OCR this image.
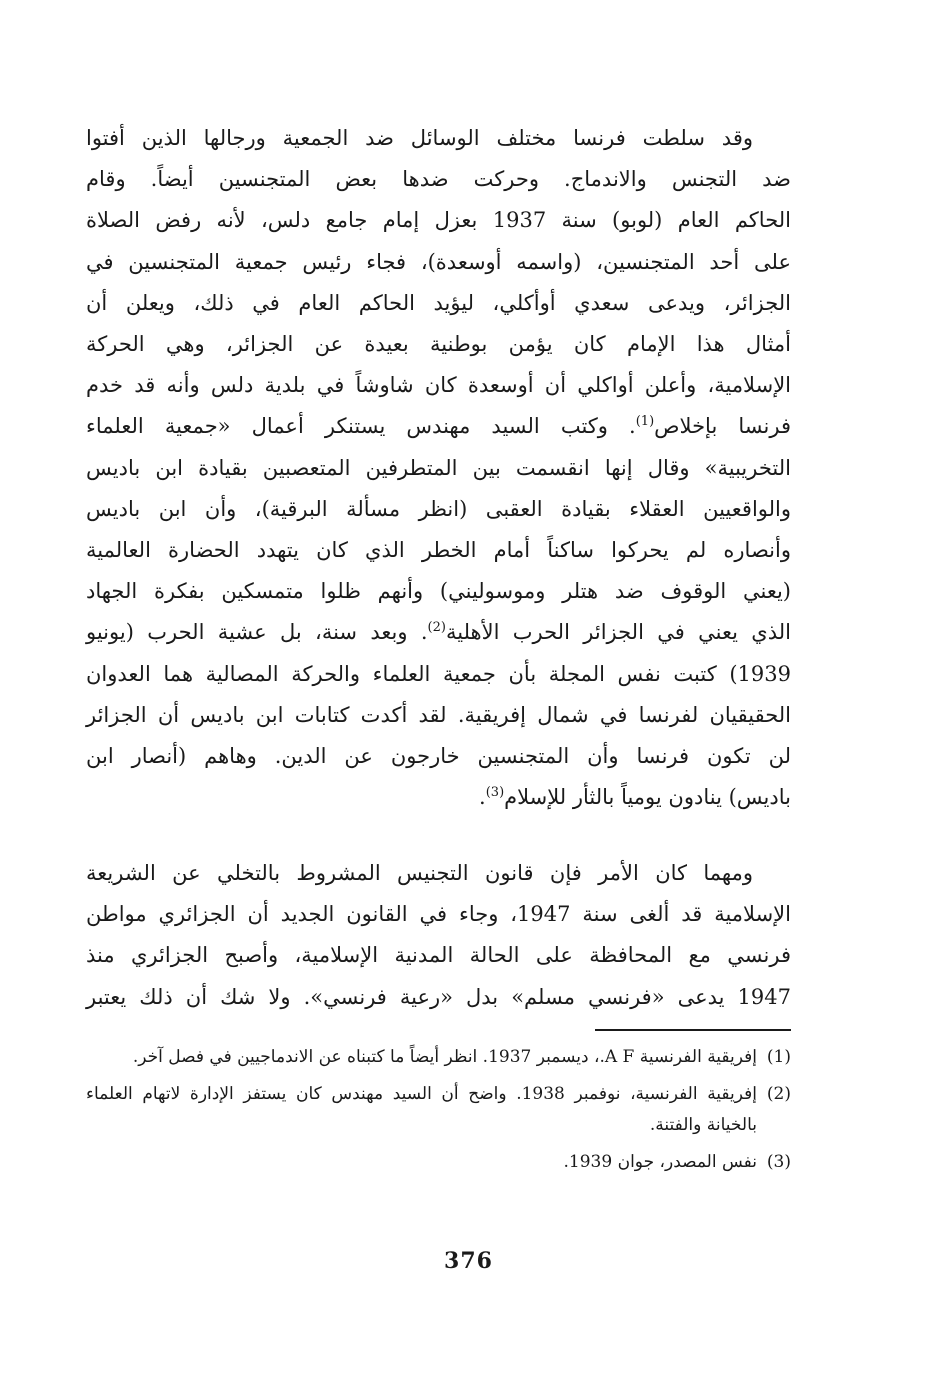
وقد سلطت فرنسا مختلف الوسائل ضد الجمعية ورجالها الذين أفتوا

ضد التجنس والاندماج. وحركت ضدها بعض المتجنسين أيضاً. وقام
الحاكم العام (لوبو) سنة 1937 بعزل إمام جامع دلس، لأنه رفض الصلاة
على أحد المتجنسين، (واسمه أوسعدة)، فجاء رئيس جمعية المتجنسين في
الجزائر، ويدعى سعدي أوأكلي، ليؤيد الحاكم العام في ذلك، ويعلن أن
أمثال هذا الإمام كان يؤمن بوطنية بعيدة عن الجزائر، وهي الحركة
الإسلامية، وأعلن أواكلي أن أوسعدة كان شاوشاً في بلدية دلس وأنه قد خدم
فرنسا بإخلاص$^{(1)}$. وكتب السيد مهندس يستنكر أعمال «جمعية العلماء
التخريبية» وقال إنها انقسمت بين المتطرفين المتعصبين بقيادة ابن باديس
والواقعيين العقلاء بقيادة العقبى (انظر مسألة البرقية)، وأن ابن باديس
وأنصاره لم يحركوا ساكناً أمام الخطر الذي كان يتهدد الحضارة العالمية
(يعني الوقوف ضد هتلر وموسوليني) وأنهم ظلوا متمسكين بفكرة الجهاد
الذي يعني في الجزائر الحرب الأهلية$^{(2)}$. وبعد سنة، بل عشية الحرب (يونيو
1939) كتبت نفس المجلة بأن جمعية العلماء والحركة المصالية هما العدوان
الحقيقيان لفرنسا في شمال إفريقية. لقد أكدت كتابات ابن باديس أن الجزائر
لن تكون فرنسا وأن المتجنسين خارجون عن الدين. وهاهم (أنصار ابن
باديس) ينادون يومياً بالثأر للإسلام$^{(3)}$.

ومهما كان الأمر فإن قانون التجنيس المشروط بالتخلي عن الشريعة

الإسلامية قد ألغى سنة 1947، وجاء في القانون الجديد أن الجزائري مواطن
فرنسي مع المحافظة على الحالة المدنية الإسلامية، وأصبح الجزائري منذ
1947 يدعى «فرنسي مسلم» بدل «رعية فرنسي». ولا شك أن ذلك يعتبر
(1)
إفريقية الفرنسية A F.، ديسمبر 1937. انظر أيضاً ما كتبناه عن الاندماجيين في فصل آخر.
(2)
إفريقية الفرنسية، نوفمبر 1938. واضح أن السيد مهندس كان يستفز الإدارة لاتهام العلماء بالخيانة والفتنة.
(3)
نفس المصدر، جوان 1939.
376
